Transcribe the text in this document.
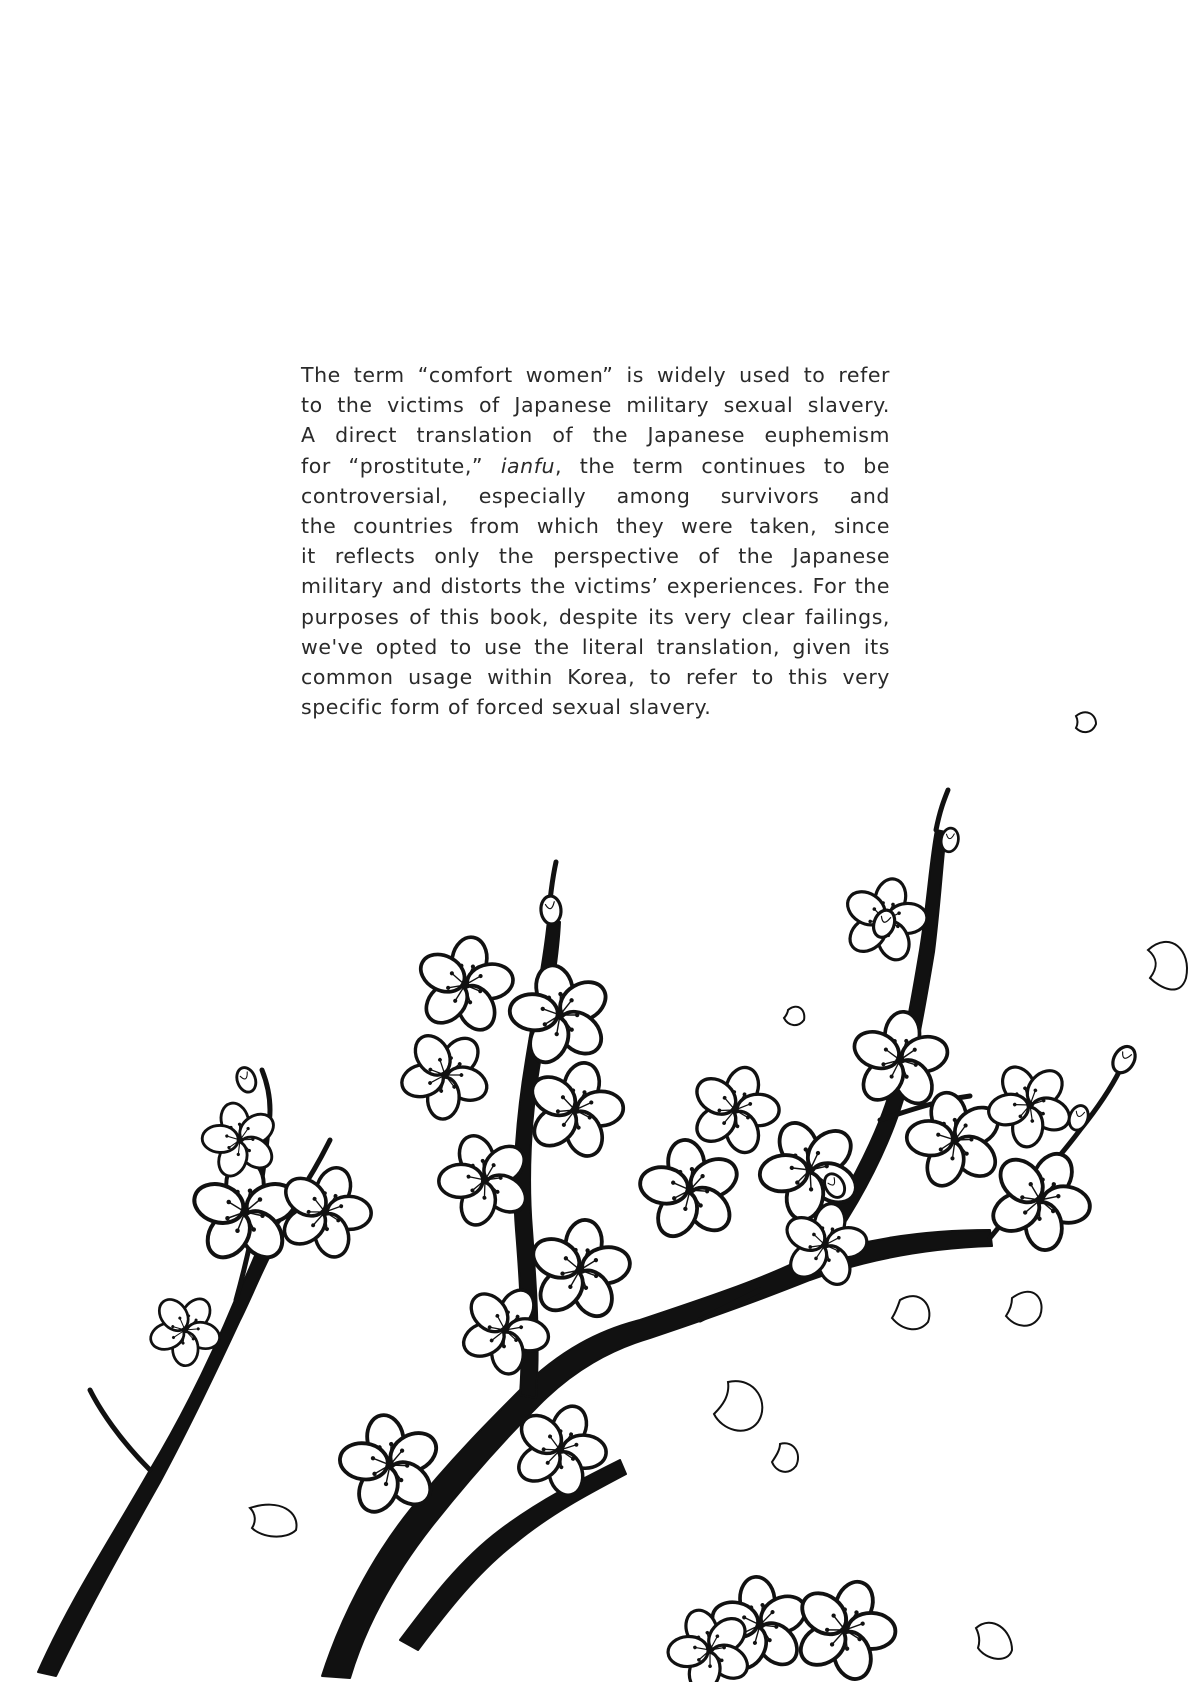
The term “comfort women” is widely used to refer
to the victims of Japanese military sexual slavery.
A direct translation of the Japanese euphemism
for “prostitute,” ianfu, the term continues to be
controversial, especially among survivors and
the countries from which they were taken, since
it reflects only the perspective of the Japanese
military and distorts the victims’ experiences. For the
purposes of this book, despite its very clear failings,
we've opted to use the literal translation, given its
common usage within Korea, to refer to this very
specific form of forced sexual slavery.
